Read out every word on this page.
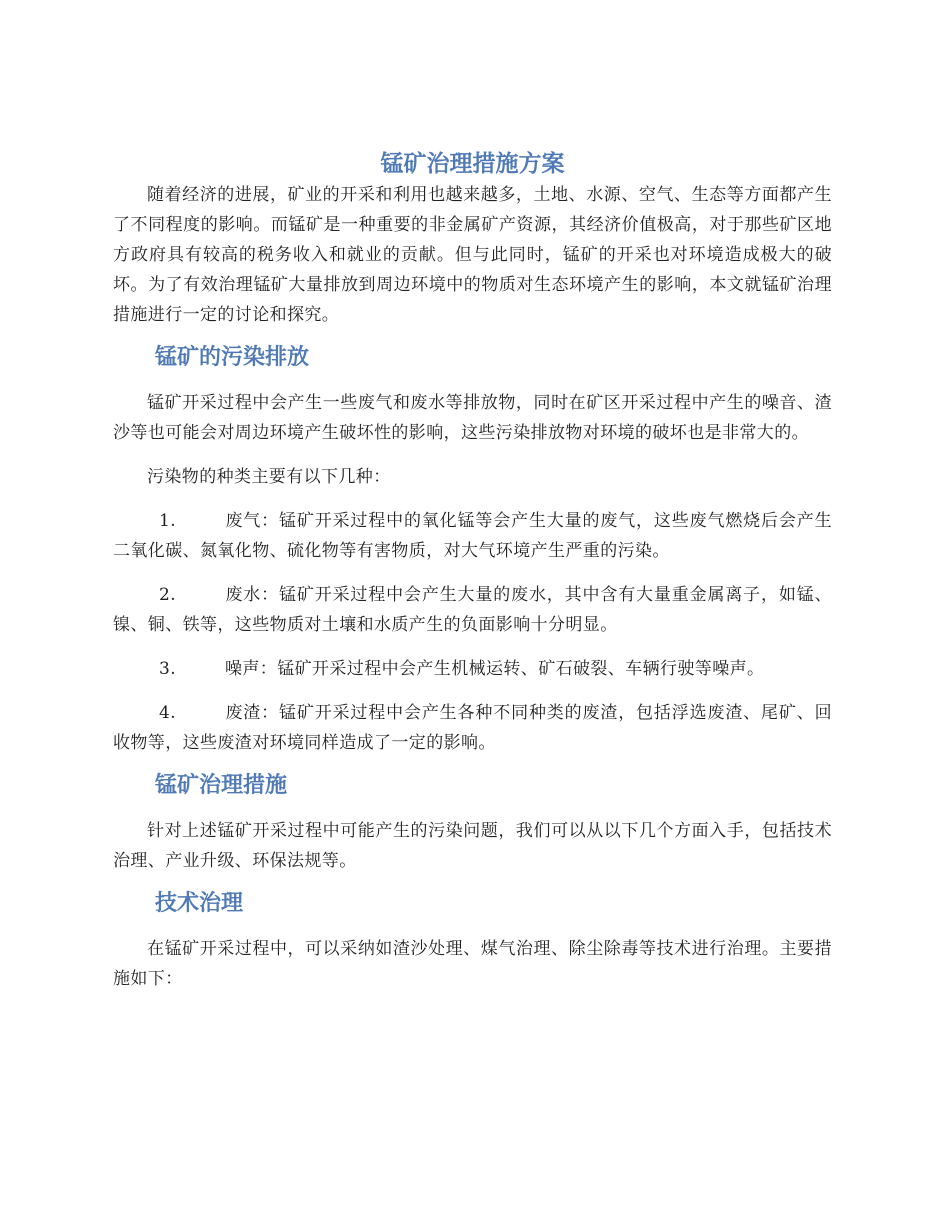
锰矿治理措施方案

随着经济的进展，矿业的开采和利用也越来越多，土地、水源、空气、生态等方面都产生了不同程度的影响。而锰矿是一种重要的非金属矿产资源，其经济价值极高，对于那些矿区地方政府具有较高的税务收入和就业的贡献。但与此同时，锰矿的开采也对环境造成极大的破坏。为了有效治理锰矿大量排放到周边环境中的物质对生态环境产生的影响，本文就锰矿治理措施进行一定的讨论和探究。

锰矿的污染排放

锰矿开采过程中会产生一些废气和废水等排放物，同时在矿区开采过程中产生的噪音、渣沙等也可能会对周边环境产生破坏性的影响，这些污染排放物对环境的破坏也是非常大的。

污染物的种类主要有以下几种：

1.	废气：锰矿开采过程中的氧化锰等会产生大量的废气，这些废气燃烧后会产生二氧化碳、氮氧化物、硫化物等有害物质，对大气环境产生严重的污染。

2.	废水：锰矿开采过程中会产生大量的废水，其中含有大量重金属离子，如锰、镍、铜、铁等，这些物质对土壤和水质产生的负面影响十分明显。

3.	噪声：锰矿开采过程中会产生机械运转、矿石破裂、车辆行驶等噪声。

4.	废渣：锰矿开采过程中会产生各种不同种类的废渣，包括浮选废渣、尾矿、回收物等，这些废渣对环境同样造成了一定的影响。

锰矿治理措施

针对上述锰矿开采过程中可能产生的污染问题，我们可以从以下几个方面入手，包括技术治理、产业升级、环保法规等。

技术治理

在锰矿开采过程中，可以采纳如渣沙处理、煤气治理、除尘除毒等技术进行治理。主要措施如下：
